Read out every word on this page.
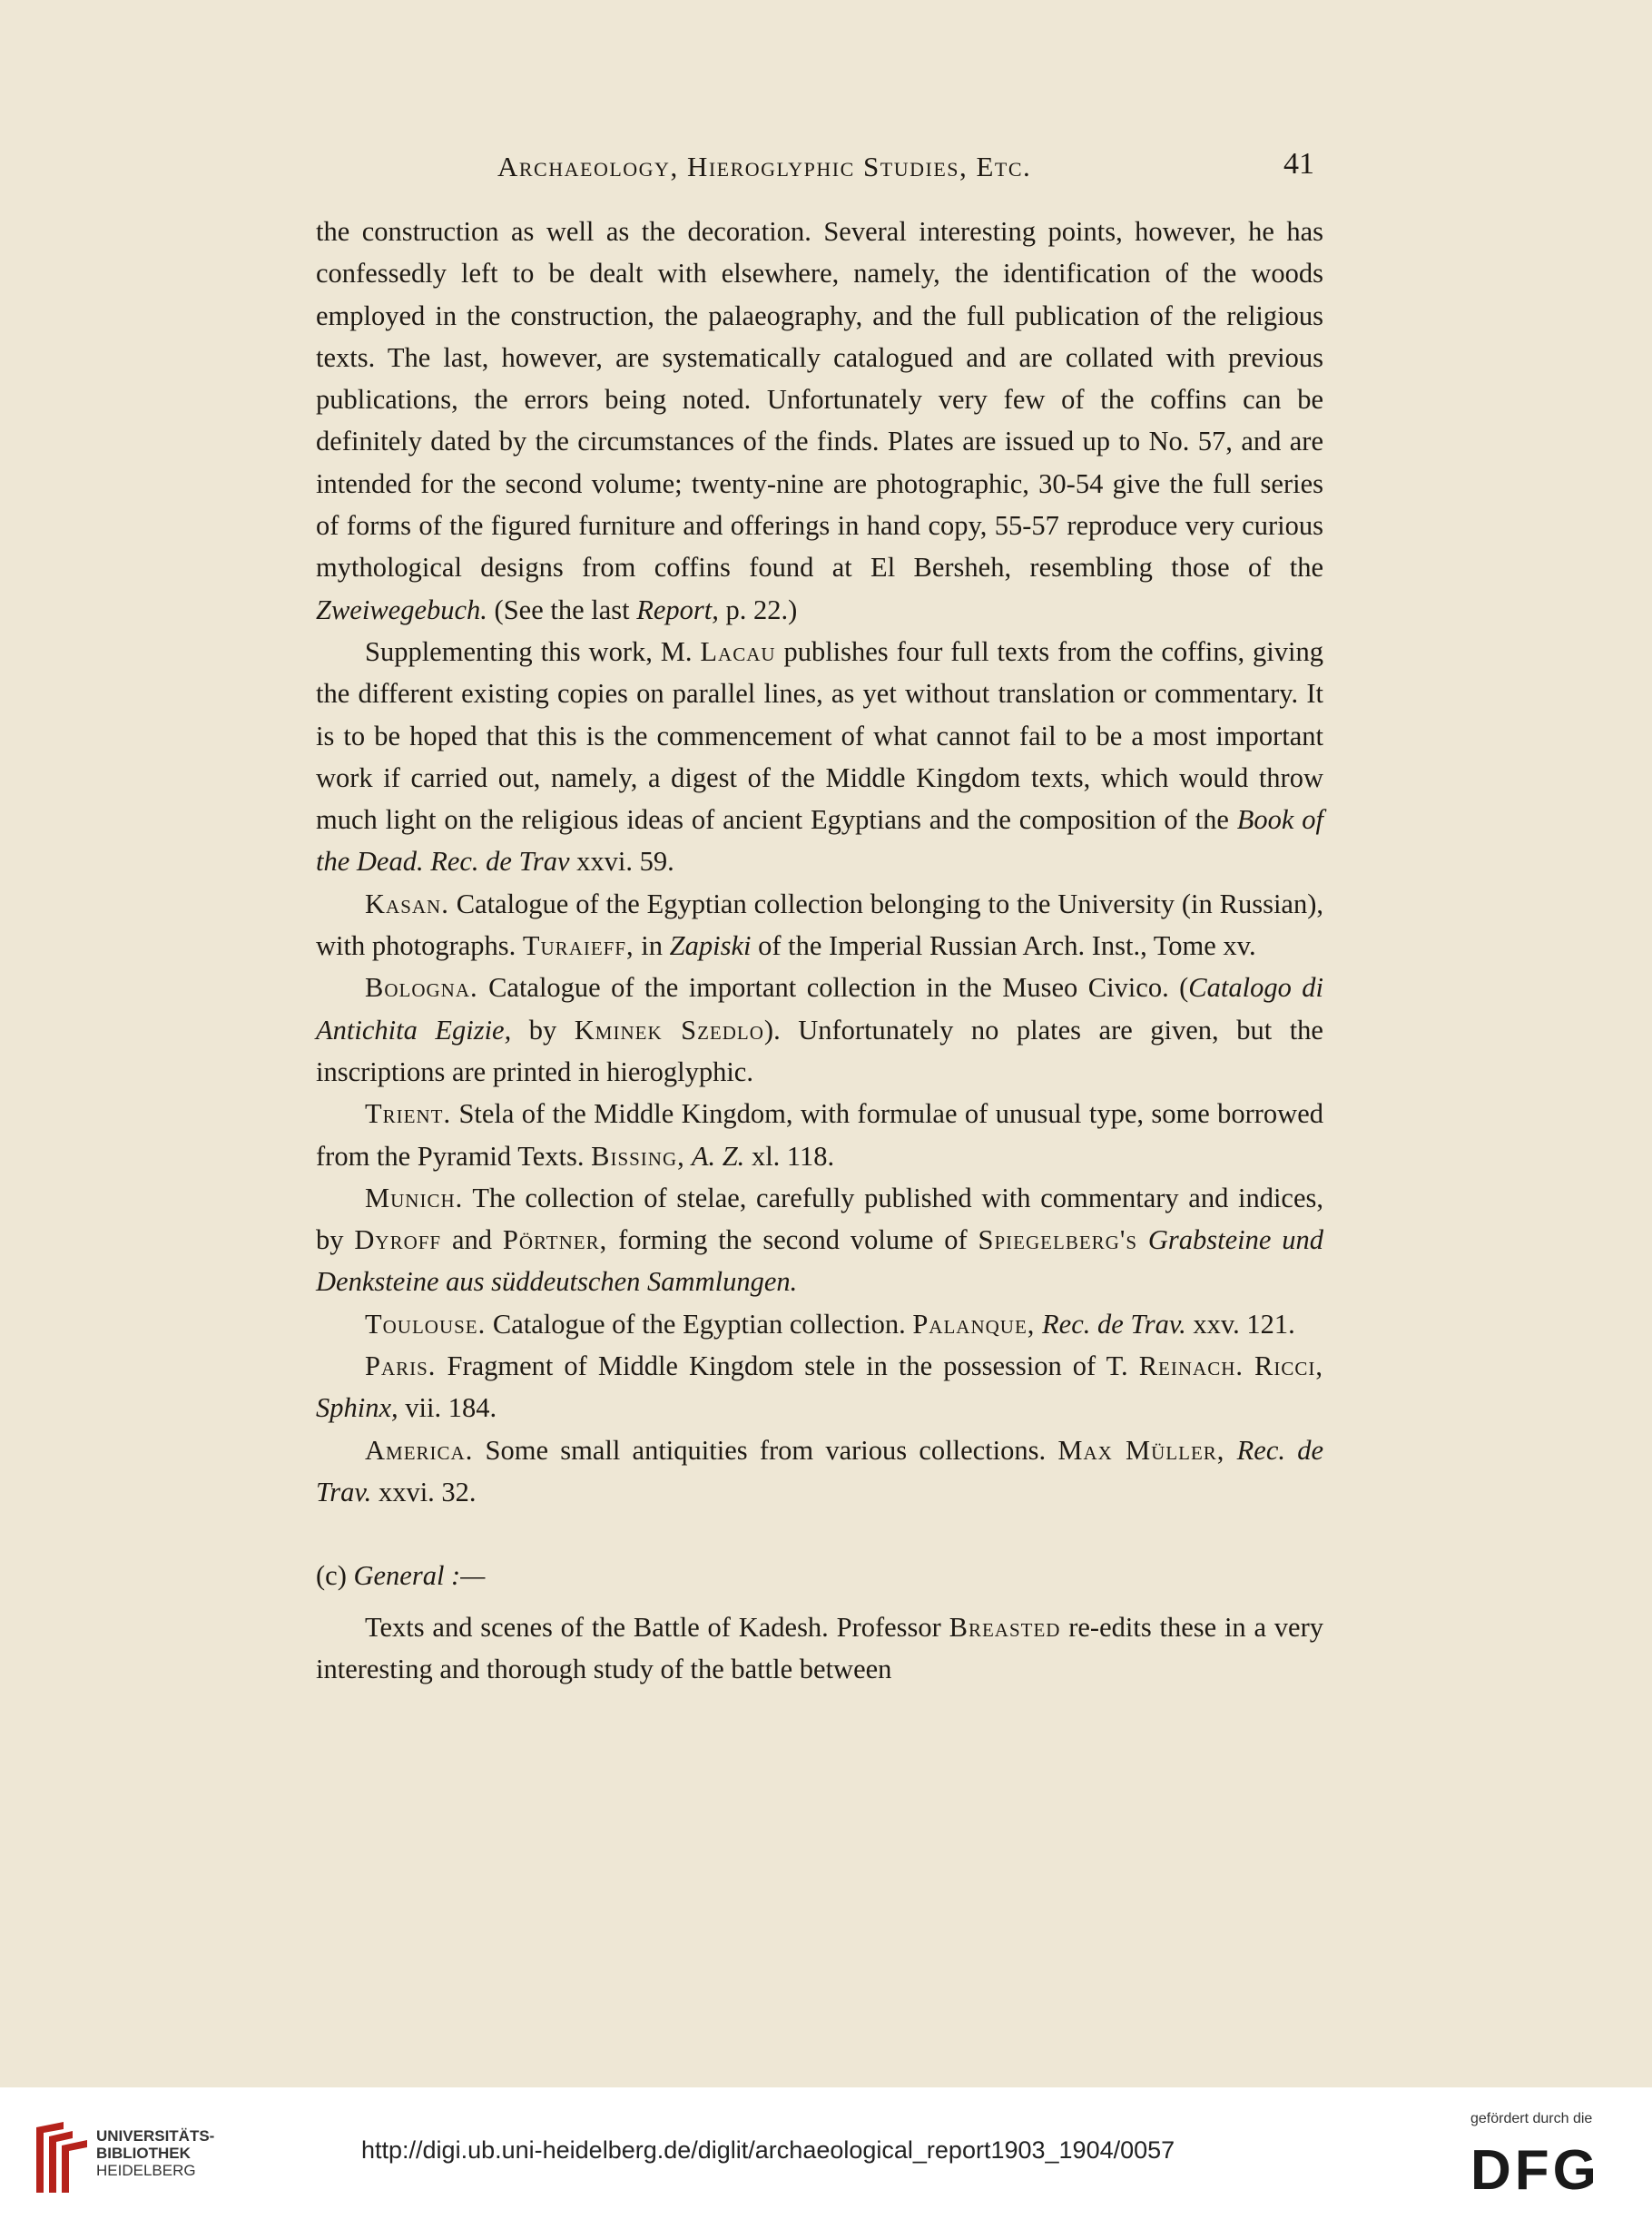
Archaeology, Hieroglyphic Studies, Etc.	41

the construction as well as the decoration. Several interesting points, however, he has confessedly left to be dealt with elsewhere, namely, the identification of the woods employed in the construction, the palaeography, and the full publication of the religious texts. The last, however, are systematically catalogued and are collated with previous publications, the errors being noted. Unfortunately very few of the coffins can be definitely dated by the circumstances of the finds. Plates are issued up to No. 57, and are intended for the second volume; twenty-nine are photographic, 30-54 give the full series of forms of the figured furniture and offerings in hand copy, 55-57 reproduce very curious mythological designs from coffins found at El Bersheh, resembling those of the Zweiwegebuch. (See the last Report, p. 22.)

Supplementing this work, M. Lacau publishes four full texts from the coffins, giving the different existing copies on parallel lines, as yet without translation or commentary. It is to be hoped that this is the commencement of what cannot fail to be a most important work if carried out, namely, a digest of the Middle Kingdom texts, which would throw much light on the religious ideas of ancient Egyptians and the composition of the Book of the Dead. Rec. de Trav xxvi. 59.

Kasan. Catalogue of the Egyptian collection belonging to the University (in Russian), with photographs. Turaieff, in Zapiski of the Imperial Russian Arch. Inst., Tome xv.

Bologna. Catalogue of the important collection in the Museo Civico. (Catalogo di Antichita Egizie, by Kminek Szedlo). Unfortunately no plates are given, but the inscriptions are printed in hieroglyphic.

Trient. Stela of the Middle Kingdom, with formulae of unusual type, some borrowed from the Pyramid Texts. Bissing, A. Z. xl. 118.

Munich. The collection of stelae, carefully published with commentary and indices, by Dyroff and Pörtner, forming the second volume of Spiegelberg's Grabsteine und Denksteine aus süddeutschen Sammlungen.

Toulouse. Catalogue of the Egyptian collection. Palanque, Rec. de Trav. xxv. 121.

Paris. Fragment of Middle Kingdom stele in the possession of T. Reinach. Ricci, Sphinx, vii. 184.

America. Some small antiquities from various collections. Max Müller, Rec. de Trav. xxvi. 32.

(c) General :—

Texts and scenes of the Battle of Kadesh. Professor Breasted re-edits these in a very interesting and thorough study of the battle between

UNIVERSITÄTS-
BIBLIOTHEK
HEIDELBERG
http://digi.ub.uni-heidelberg.de/diglit/archaeological_report1903_1904/0057
gefördert durch die
DFG
